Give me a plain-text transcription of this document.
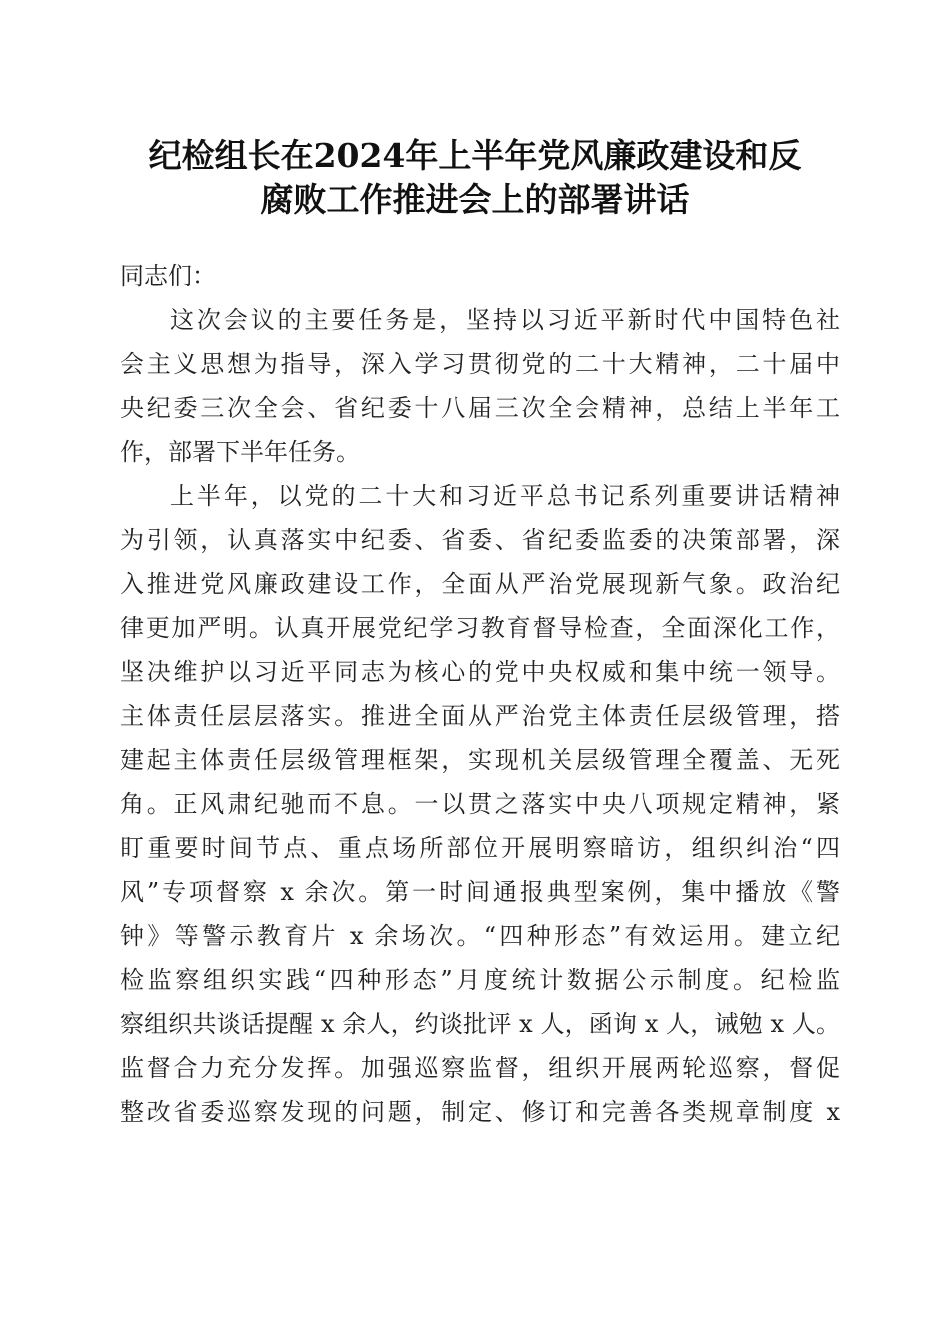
纪检组长在2024年上半年党风廉政建设和反
腐败工作推进会上的部署讲话
同志们：
这次会议的主要任务是，坚持以习近平新时代中国特色社
会主义思想为指导，深入学习贯彻党的二十大精神，二十届中
央纪委三次全会、省纪委十八届三次全会精神，总结上半年工
作，部署下半年任务。
上半年，以党的二十大和习近平总书记系列重要讲话精神
为引领，认真落实中纪委、省委、省纪委监委的决策部署，深
入推进党风廉政建设工作，全面从严治党展现新气象。政治纪
律更加严明。认真开展党纪学习教育督导检查，全面深化工作，
坚决维护以习近平同志为核心的党中央权威和集中统一领导。
主体责任层层落实。推进全面从严治党主体责任层级管理，搭
建起主体责任层级管理框架，实现机关层级管理全覆盖、无死
角。正风肃纪驰而不息。一以贯之落实中央八项规定精神，紧
盯重要时间节点、重点场所部位开展明察暗访，组织纠治“四
风”专项督察 x 余次。第一时间通报典型案例，集中播放《警
钟》等警示教育片 x 余场次。“四种形态”有效运用。建立纪
检监察组织实践“四种形态”月度统计数据公示制度。纪检监
察组织共谈话提醒 x 余人，约谈批评 x 人，函询 x 人，诫勉 x 人。
监督合力充分发挥。加强巡察监督，组织开展两轮巡察，督促
整改省委巡察发现的问题，制定、修订和完善各类规章制度 x
